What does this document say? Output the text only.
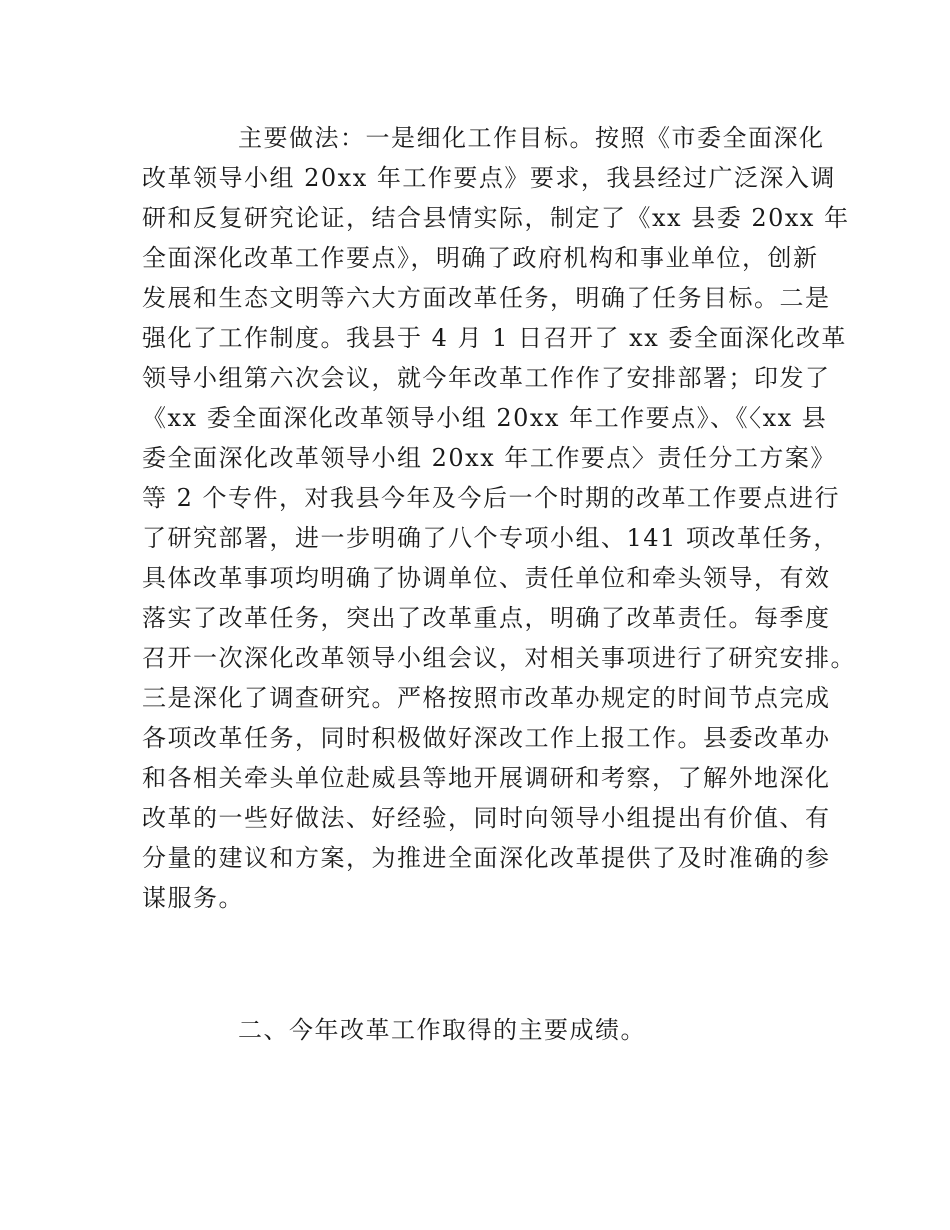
主要做法：一是细化工作目标。按照《市委全面深化
改革领导小组 20xx 年工作要点》要求，我县经过广泛深入调
研和反复研究论证，结合县情实际，制定了《xx 县委 20xx 年
全面深化改革工作要点》，明确了政府机构和事业单位，创新
发展和生态文明等六大方面改革任务，明确了任务目标。二是
强化了工作制度。我县于 4 月 1 日召开了 xx 委全面深化改革
领导小组第六次会议，就今年改革工作作了安排部署；印发了
《xx 委全面深化改革领导小组 20xx 年工作要点》、《〈xx 县
委全面深化改革领导小组 20xx 年工作要点〉责任分工方案》
等 2 个专件，对我县今年及今后一个时期的改革工作要点进行
了研究部署，进一步明确了八个专项小组、141 项改革任务，
具体改革事项均明确了协调单位、责任单位和牵头领导，有效
落实了改革任务，突出了改革重点，明确了改革责任。每季度
召开一次深化改革领导小组会议，对相关事项进行了研究安排。
三是深化了调查研究。严格按照市改革办规定的时间节点完成
各项改革任务，同时积极做好深改工作上报工作。县委改革办
和各相关牵头单位赴威县等地开展调研和考察，了解外地深化
改革的一些好做法、好经验，同时向领导小组提出有价值、有
分量的建议和方案，为推进全面深化改革提供了及时准确的参
谋服务。
二、今年改革工作取得的主要成绩。
